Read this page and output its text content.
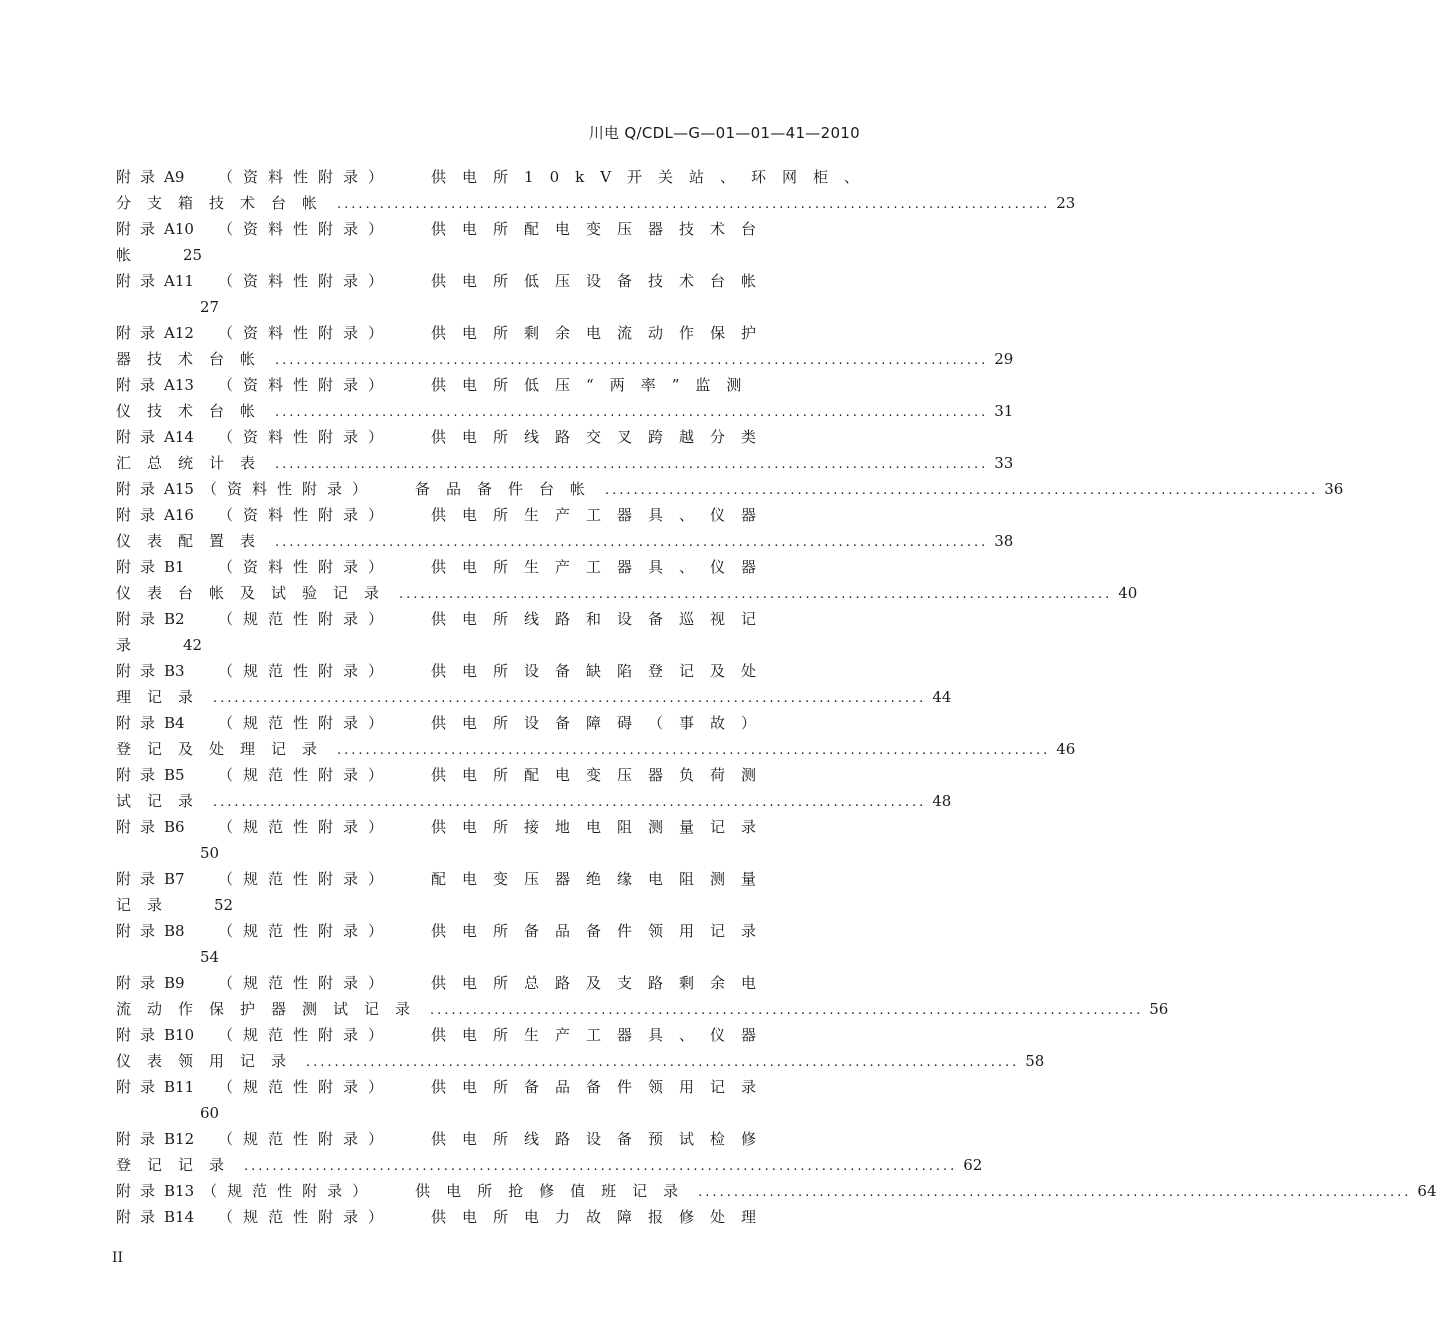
川电 Q/CDL—G—01—01—41—2010
附录A9 （资料性附录）	供电所10kV开关站、环网柜、
分支箱技术台帐 .................................................................................................... 23
附录A10 （资料性附录）	供电所配电变压器技术台
帐 25
附录A11 （资料性附录）	供电所低压设备技术台帐
27
附录A12 （资料性附录）	供电所剩余电流动作保护
器技术台帐 .................................................................................................... 29
附录A13 （资料性附录）	供电所低压“两率”监测
仪技术台帐 .................................................................................................... 31
附录A14 （资料性附录）	供电所线路交叉跨越分类
汇总统计表 .................................................................................................... 33
附录 A15 （资料性附录）	备品备件台帐 .................................................................................................... 36
附录A16 （资料性附录）	供电所生产工器具、仪器
仪表配置表 .................................................................................................... 38
附录B1 （资料性附录）	供电所生产工器具、仪器
仪表台帐及试验记录 .................................................................................................... 40
附录B2 （规范性附录）	供电所线路和设备巡视记
录 42
附录B3 （规范性附录）	供电所设备缺陷登记及处
理记录 .................................................................................................... 44
附录B4 （规范性附录）	供电所设备障碍（事故）
登记及处理记录 .................................................................................................... 46
附录B5 （规范性附录）	供电所配电变压器负荷测
试记录 .................................................................................................... 48
附录B6 （规范性附录）	供电所接地电阻测量记录
50
附录B7 （规范性附录）	配电变压器绝缘电阻测量
记录 52
附录B8 （规范性附录）	供电所备品备件领用记录
54
附录B9 （规范性附录）	供电所总路及支路剩余电
流动作保护器测试记录 .................................................................................................... 56
附录B10 （规范性附录）	供电所生产工器具、仪器
仪表领用记录 .................................................................................................... 58
附录B11 （规范性附录）	供电所备品备件领用记录
60
附录B12 （规范性附录）	供电所线路设备预试检修
登记记录 .................................................................................................... 62
附录 B13 （规范性附录）	供电所抢修值班记录 .................................................................................................... 64
附录B14 （规范性附录）	供电所电力故障报修处理
II
